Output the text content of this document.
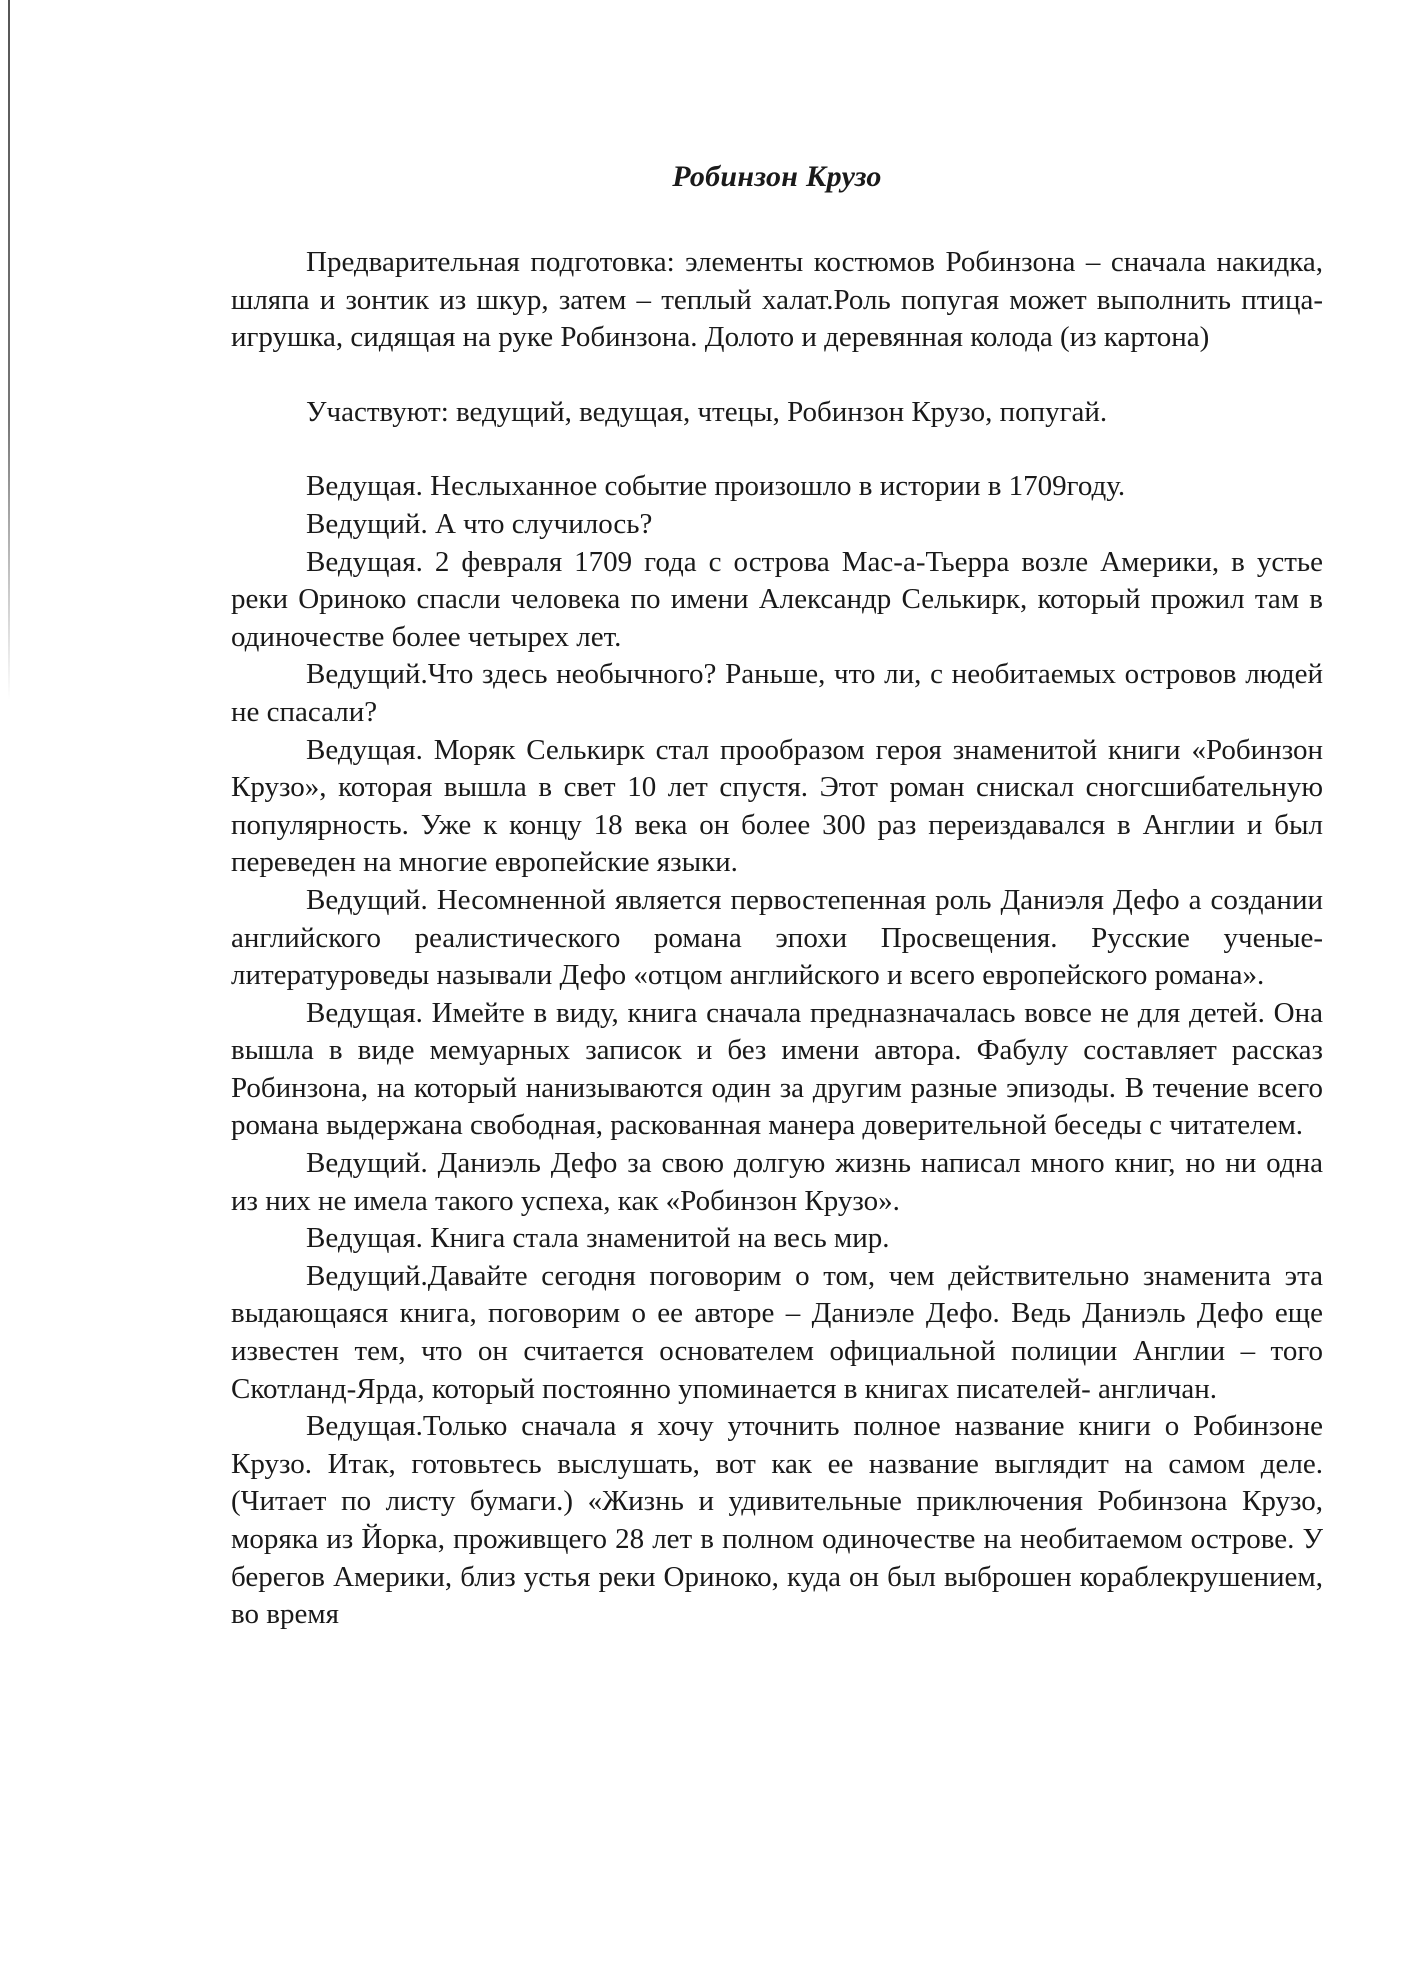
Робинзон Крузо

Предварительная подготовка: элементы костюмов Робинзона – сначала накидка, шляпа и зонтик из шкур, затем – теплый халат.Роль попугая может выполнить птица-игрушка, сидящая на руке Робинзона. Долото и деревянная колода (из картона)

Участвуют: ведущий, ведущая, чтецы, Робинзон Крузо, попугай.

Ведущая. Неслыханное событие произошло в истории в 1709году.

Ведущий. А что случилось?

Ведущая. 2 февраля 1709 года с острова Мас-а-Тьерра возле Америки, в устье реки Ориноко спасли человека по имени Александр Селькирк, который прожил там в одиночестве более четырех лет.

Ведущий.Что здесь необычного? Раньше, что ли, с необитаемых островов людей не спасали?

Ведущая. Моряк Селькирк стал прообразом героя знаменитой книги «Робинзон Крузо», которая вышла в свет 10 лет спустя. Этот роман снискал сногсшибательную популярность. Уже к концу 18 века он более 300 раз переиздавался в Англии и был переведен на многие европейские языки.

Ведущий. Несомненной является первостепенная роль Даниэля Дефо а создании английского реалистического романа эпохи Просвещения. Русские ученые-литературоведы называли Дефо «отцом английского и всего европейского романа».

Ведущая. Имейте в виду, книга сначала предназначалась вовсе не для детей. Она вышла в виде мемуарных записок и без имени автора. Фабулу составляет рассказ Робинзона, на который нанизываются один за другим разные эпизоды. В течение всего романа выдержана свободная, раскованная манера доверительной беседы с читателем.

Ведущий. Даниэль Дефо за свою долгую жизнь написал много книг, но ни одна из них не имела такого успеха, как «Робинзон Крузо».

Ведущая. Книга стала знаменитой на весь мир.

Ведущий.Давайте сегодня поговорим о том, чем действительно знаменита эта выдающаяся книга, поговорим о ее авторе – Даниэле Дефо. Ведь Даниэль Дефо еще известен тем, что он считается основателем официальной полиции Англии – того Скотланд-Ярда, который постоянно упоминается в книгах писателей- англичан.

Ведущая.Только сначала я хочу уточнить полное название книги о Робинзоне Крузо. Итак, готовьтесь выслушать, вот как ее название выглядит на самом деле. (Читает по листу бумаги.) «Жизнь и удивительные приключения Робинзона Крузо, моряка из Йорка, проживщего 28 лет в полном одиночестве на необитаемом острове. У берегов Америки, близ устья реки Ориноко, куда он был выброшен кораблекрушением, во время
